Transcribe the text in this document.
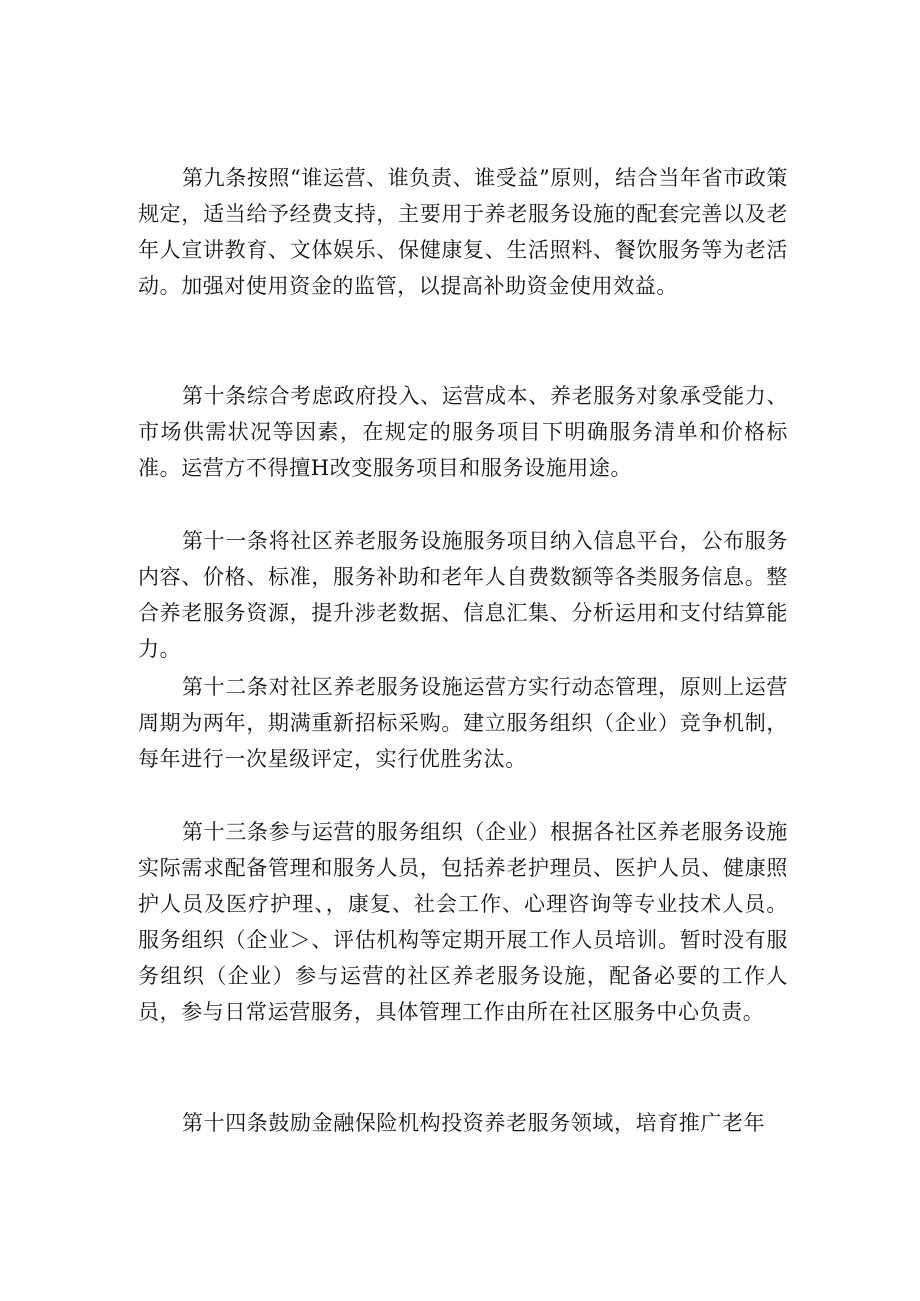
第九条按照“谁运营、谁负责、谁受益”原则，结合当年省市政策规定，适当给予经费支持，主要用于养老服务设施的配套完善以及老年人宣讲教育、文体娱乐、保健康复、生活照料、餐饮服务等为老活动。加强对使用资金的监管，以提高补助资金使用效益。

第十条综合考虑政府投入、运营成本、养老服务对象承受能力、市场供需状况等因素，在规定的服务项目下明确服务清单和价格标准。运营方不得擅H改变服务项目和服务设施用途。

第十一条将社区养老服务设施服务项目纳入信息平台，公布服务内容、价格、标准，服务补助和老年人自费数额等各类服务信息。整合养老服务资源，提升涉老数据、信息汇集、分析运用和支付结算能力。

第十二条对社区养老服务设施运营方实行动态管理，原则上运营周期为两年，期满重新招标采购。建立服务组织（企业）竞争机制，每年进行一次星级评定，实行优胜劣汰。

第十三条参与运营的服务组织（企业）根据各社区养老服务设施实际需求配备管理和服务人员，包括养老护理员、医护人员、健康照护人员及医疗护理、，康复、社会工作、心理咨询等专业技术人员。服务组织（企业＞、评估机构等定期开展工作人员培训。暂时没有服务组织（企业）参与运营的社区养老服务设施，配备必要的工作人员，参与日常运营服务，具体管理工作由所在社区服务中心负责。

第十四条鼓励金融保险机构投资养老服务领域，培育推广老年
